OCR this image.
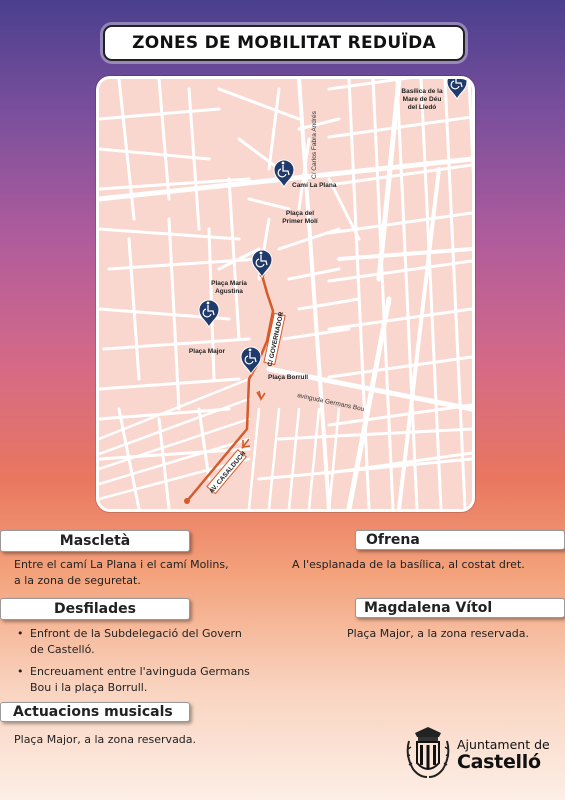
ZONES DE MOBILITAT REDUÏDA
C/ GOVERNADOR
AV. CASALDUCH
C/ Carlos Fabra Andrés
avinguda Germans Bou
Basílica de la
Mare de Déu
del Lledó
Camí La Plana
Plaça del
Primer Molí
Plaça María
Agustina
Plaça Major
Plaça Borrull
Mascletà
Entre el camí La Plana i el camí Molins,
a la zona de seguretat.
Ofrena
A l'esplanada de la basílica, al costat dret.
Desfilades
• Enfront de la Subdelegació del Govern
de Castelló.
• Encreuament entre l'avinguda Germans
Bou i la plaça Borrull.
Magdalena Vítol
Plaça Major, a la zona reservada.
Actuacions musicals
Plaça Major, a la zona reservada.	Ajuntament de
Castelló
